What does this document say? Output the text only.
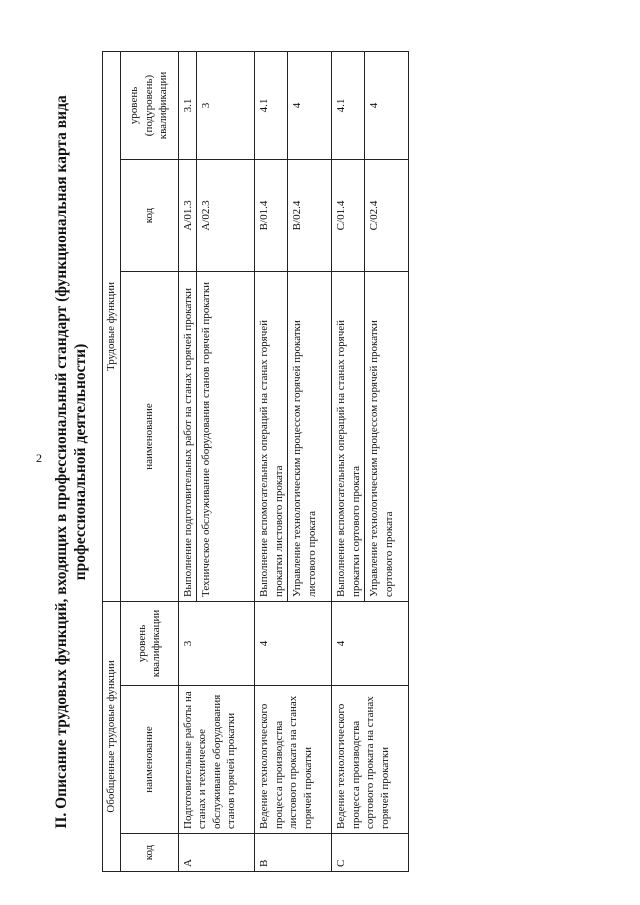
2 II. Описание трудовых функций, входящих в профессиональный стандарт (функциональная карта вида профессиональной деятельности)
Обобщенные трудовые функции			Трудовые функции		
код	наименование	уровень квалификации	наименование	код	уровень (подуровень) квалификации
A	Подготовительные работы на станах и техническое обслуживание оборудования станов горячей прокатки	3	Выполнение подготовительных работ на станах горячей прокатки	A/01.3	3.1
			Техническое обслуживание оборудования станов горячей прокатки	A/02.3	3
B	Ведение технологического процесса производства листового проката на станах горячей прокатки	4	Выполнение вспомогательных операций на станах горячей прокатки листового проката	B/01.4	4.1
			Управление технологическим процессом горячей прокатки листового проката	B/02.4	4
C	Ведение технологического процесса производства сортового проката на станах горячей прокатки	4	Выполнение вспомогательных операций на станах горячей прокатки сортового проката	C/01.4	4.1
			Управление технологическим процессом горячей прокатки сортового проката	C/02.4	4
